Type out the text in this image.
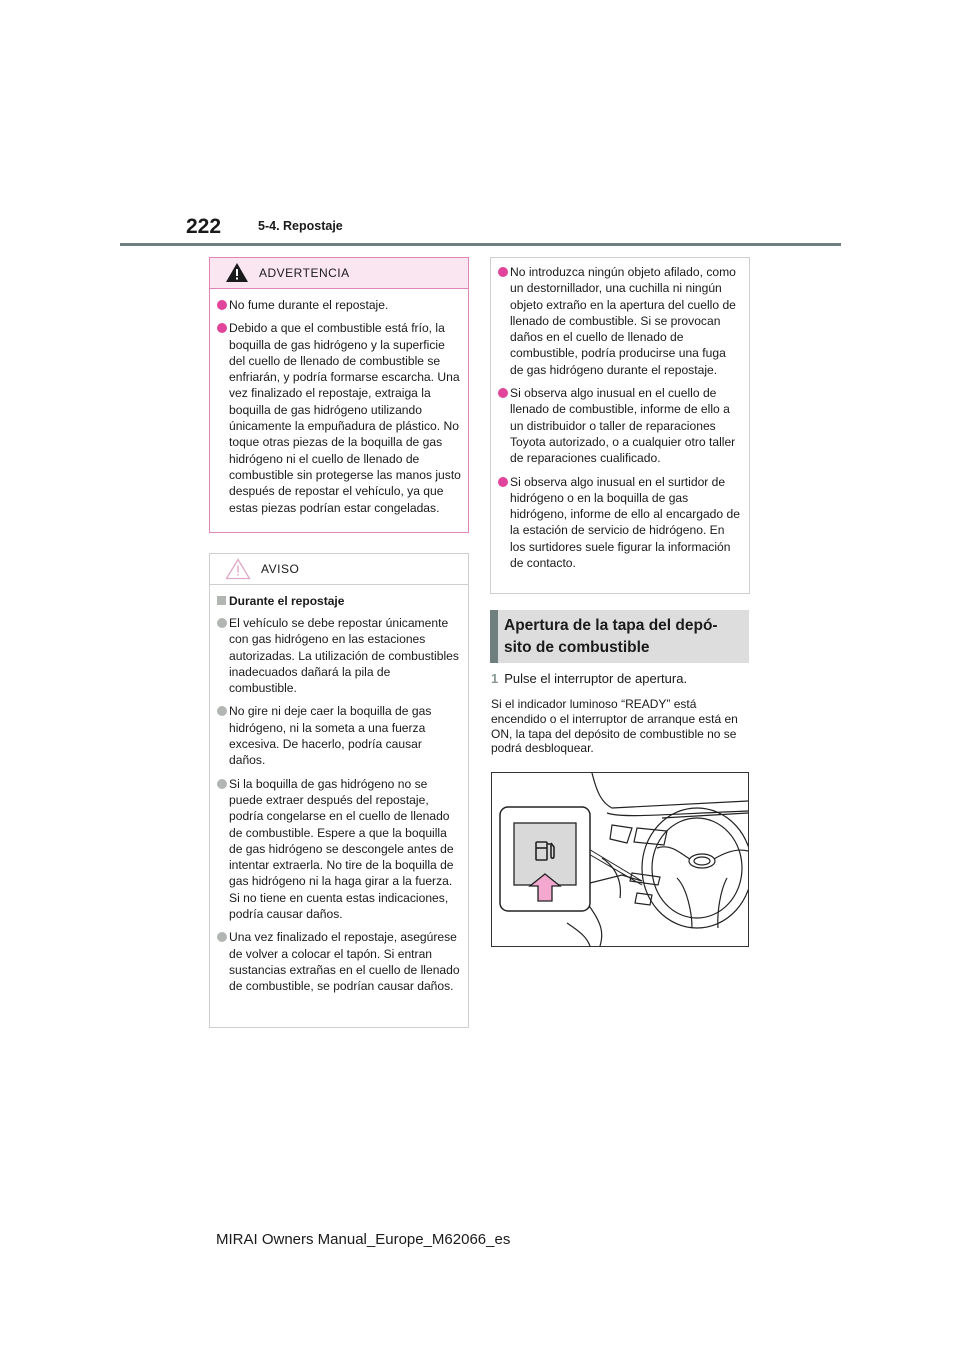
222	5-4. Repostaje
ADVERTENCIA
No fume durante el repostaje.
Debido a que el combustible está frío, la boquilla de gas hidrógeno y la superficie del cuello de llenado de combustible se enfriarán, y podría formarse escarcha. Una vez finalizado el repostaje, extraiga la boquilla de gas hidrógeno utilizando únicamente la empuñadura de plástico. No toque otras piezas de la boquilla de gas hidrógeno ni el cuello de llenado de combustible sin protegerse las manos justo después de repostar el vehículo, ya que estas piezas podrían estar congeladas.
AVISO
Durante el repostaje
El vehículo se debe repostar únicamente con gas hidrógeno en las estaciones autorizadas. La utilización de combustibles inadecuados dañará la pila de combustible.
No gire ni deje caer la boquilla de gas hidrógeno, ni la someta a una fuerza excesiva. De hacerlo, podría causar daños.
Si la boquilla de gas hidrógeno no se puede extraer después del repostaje, podría congelarse en el cuello de llenado de combustible. Espere a que la boquilla de gas hidrógeno se descongele antes de intentar extraerla. No tire de la boquilla de gas hidrógeno ni la haga girar a la fuerza. Si no tiene en cuenta estas indicaciones, podría causar daños.
Una vez finalizado el repostaje, asegúrese de volver a colocar el tapón. Si entran sustancias extrañas en el cuello de llenado de combustible, se podrían causar daños.
No introduzca ningún objeto afilado, como un destornillador, una cuchilla ni ningún objeto extraño en la apertura del cuello de llenado de combustible. Si se provocan daños en el cuello de llenado de combustible, podría producirse una fuga de gas hidrógeno durante el repostaje.
Si observa algo inusual en el cuello de llenado de combustible, informe de ello a un distribuidor o taller de reparaciones Toyota autorizado, o a cualquier otro taller de reparaciones cualificado.
Si observa algo inusual en el surtidor de hidrógeno o en la boquilla de gas hidrógeno, informe de ello al encargado de la estación de servicio de hidrógeno. En los surtidores suele figurar la información de contacto.
Apertura de la tapa del depó-
sito de combustible
1 Pulse el interruptor de apertura.
Si el indicador luminoso “READY” está encendido o el interruptor de arranque está en ON, la tapa del depósito de combustible no se podrá desbloquear.
MIRAI Owners Manual_Europe_M62066_es
